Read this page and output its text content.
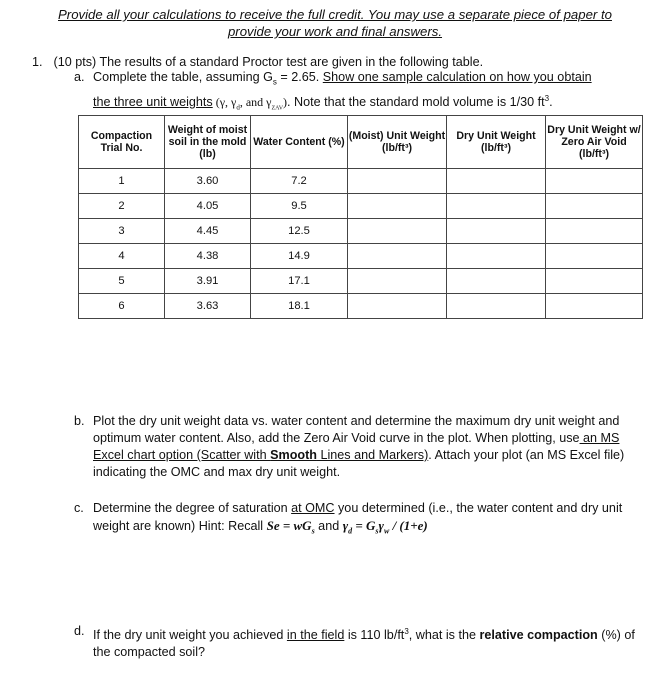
Provide all your calculations to receive the full credit. You may use a separate piece of paper to
provide your work and final answers.
1. (10 pts) The results of a standard Proctor test are given in the following table.
a. Complete the table, assuming $G_s = 2.65$. Show one sample calculation on how you obtain
the three unit weights (γ, $\gamma_d$, and $\gamma_{ZAV}$). Note that the standard mold volume is 1/30 $ft^3$.
Compaction Trial No.	Weight of moist soil in the mold (lb)	Water Content (%)	(Moist) Unit Weight (lb/ft³)	Dry Unit Weight (lb/ft³)	Dry Unit Weight w/ Zero Air Void (lb/ft³)
1	3.60	7.2			
2	4.05	9.5			
3	4.45	12.5			
4	4.38	14.9			
5	3.91	17.1			
6	3.63	18.1			
b. Plot the dry unit weight data vs. water content and determine the maximum dry unit weight and optimum water content. Also, add the Zero Air Void curve in the plot. When plotting, use an MS Excel chart option (Scatter with Smooth Lines and Markers). Attach your plot (an MS Excel file) indicating the OMC and max dry unit weight.
c. Determine the degree of saturation at OMC you determined (i.e., the water content and dry unit weight are known) Hint: Recall $Se = wG_s$ and $\gamma_d = G_s\gamma_w / (1+e)$
d. If the dry unit weight you achieved in the field is 110 $lb/ft^3$, what is the relative compaction (%) of the compacted soil?
